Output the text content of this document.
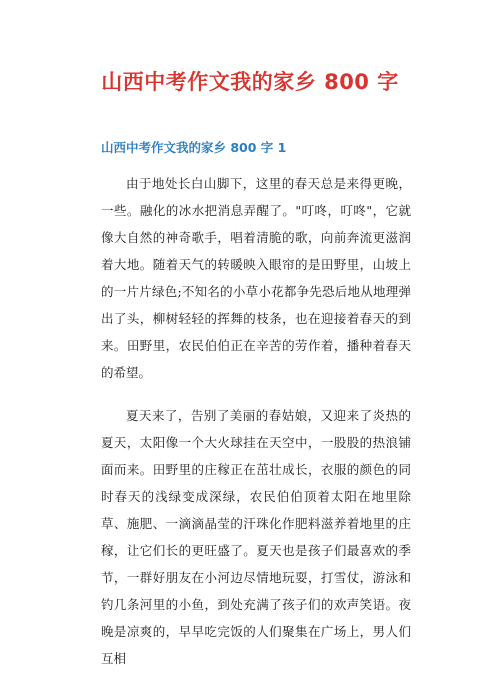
山西中考作文我的家乡 800 字
山西中考作文我的家乡 800 字 1

由于地处长白山脚下，这里的春天总是来得更晚，一些。融化的冰水把消息弄醒了。"叮咚，叮咚"，它就像大自然的神奇歌手，唱着清脆的歌，向前奔流更滋润着大地。随着天气的转暖映入眼帘的是田野里，山坡上的一片片绿色;不知名的小草小花都争先恐后地从地理弹出了头，柳树轻轻的挥舞的枝条，也在迎接着春天的到来。田野里，农民伯伯正在辛苦的劳作着，播种着春天的希望。

夏天来了，告别了美丽的春姑娘，又迎来了炎热的夏天，太阳像一个大火球挂在天空中，一股股的热浪铺面而来。田野里的庄稼正在茁壮成长，衣服的颜色的同时春天的浅绿变成深绿，农民伯伯顶着太阳在地里除草、施肥、一滴滴晶莹的汗珠化作肥料滋养着地里的庄稼，让它们长的更旺盛了。夏天也是孩子们最喜欢的季节，一群好朋友在小河边尽情地玩耍，打雪仗，游泳和钓几条河里的小鱼，到处充满了孩子们的欢声笑语。夜晚是凉爽的，早早吃完饭的人们聚集在广场上，男人们互相
